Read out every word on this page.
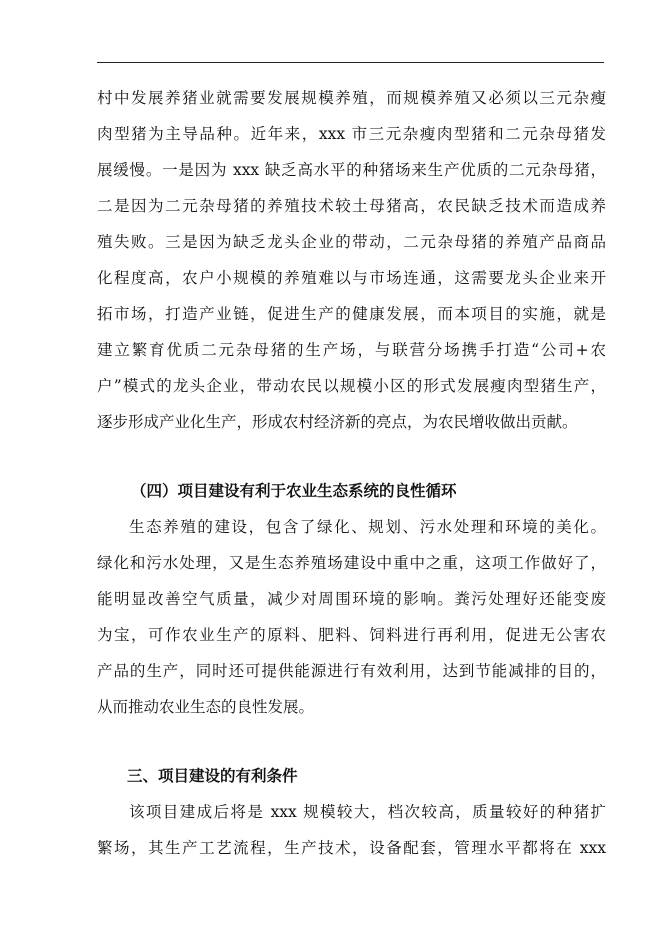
村中发展养猪业就需要发展规模养殖，而规模养殖又必须以三元杂瘦
肉型猪为主导品种。近年来，xxx 市三元杂瘦肉型猪和二元杂母猪发
展缓慢。一是因为 xxx 缺乏高水平的种猪场来生产优质的二元杂母猪，
二是因为二元杂母猪的养殖技术较土母猪高，农民缺乏技术而造成养
殖失败。三是因为缺乏龙头企业的带动，二元杂母猪的养殖产品商品
化程度高，农户小规模的养殖难以与市场连通，这需要龙头企业来开
拓市场，打造产业链，促进生产的健康发展，而本项目的实施，就是
建立繁育优质二元杂母猪的生产场，与联营分场携手打造“公司+农
户”模式的龙头企业，带动农民以规模小区的形式发展瘦肉型猪生产，
逐步形成产业化生产，形成农村经济新的亮点，为农民增收做出贡献。
（四）项目建设有利于农业生态系统的良性循环
生态养殖的建设，包含了绿化、规划、污水处理和环境的美化。
绿化和污水处理，又是生态养殖场建设中重中之重，这项工作做好了，
能明显改善空气质量，减少对周围环境的影响。粪污处理好还能变废
为宝，可作农业生产的原料、肥料、饲料进行再利用，促进无公害农
产品的生产，同时还可提供能源进行有效利用，达到节能减排的目的，
从而推动农业生态的良性发展。
三、项目建设的有利条件
该项目建成后将是 xxx 规模较大，档次较高，质量较好的种猪扩
繁场，其生产工艺流程，生产技术，设备配套，管理水平都将在 xxx
